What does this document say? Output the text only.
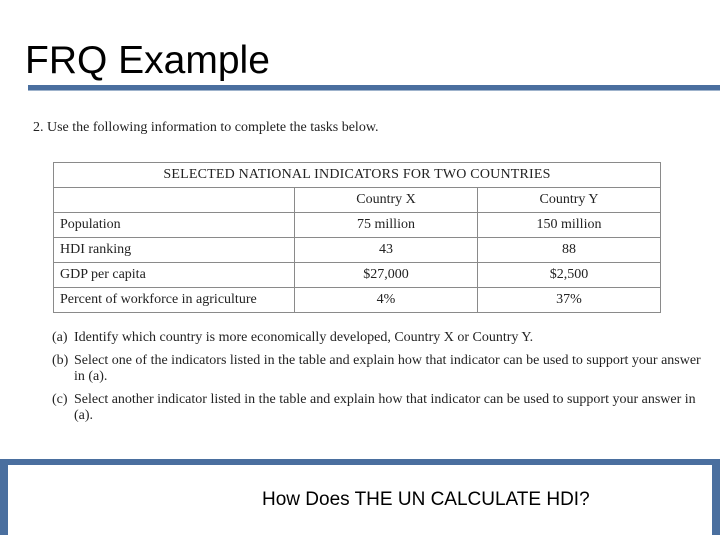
FRQ Example
2. Use the following information to complete the tasks below.
SELECTED NATIONAL INDICATORS FOR TWO COUNTRIES		
	Country X	Country Y
Population	75 million	150 million
HDI ranking	43	88
GDP per capita	$27,000	$2,500
Percent of workforce in agriculture	4%	37%
(a) Identify which country is more economically developed, Country X or Country Y.
(b) Select one of the indicators listed in the table and explain how that indicator can be used to support your answer in (a).
(c) Select another indicator listed in the table and explain how that indicator can be used to support your answer in (a).
How Does THE UN CALCULATE HDI?
